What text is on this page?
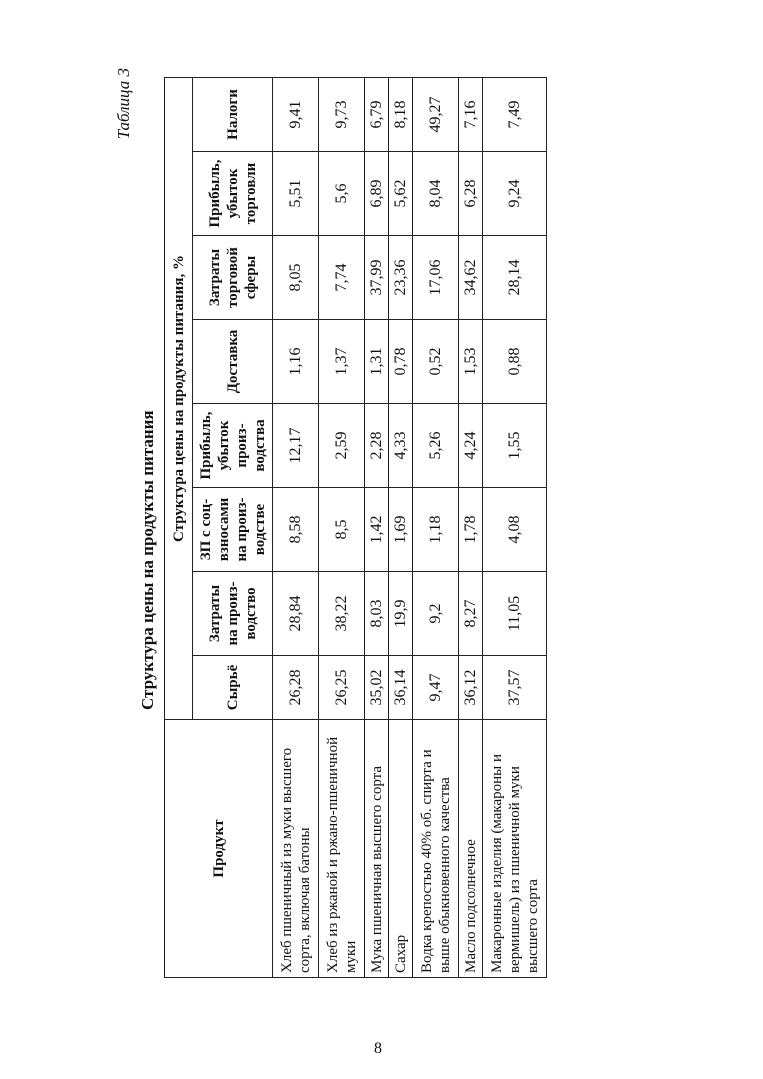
Таблица 3
Структура цены на продукты питания
Продукт	Структура цены на продукты питания, %							
	Сырьё	Затраты на произ-водство	ЗП с соц-взносами на произ-водстве	Прибыль, убыток произ-водства	Доставка	Затраты торговой сферы	Прибыль, убыток торговли	Налоги
Хлеб пшеничный из муки высшего сорта, включая батоны	26,28	28,84	8,58	12,17	1,16	8,05	5,51	9,41
Хлеб из ржаной и ржано-пшеничной муки	26,25	38,22	8,5	2,59	1,37	7,74	5,6	9,73
Мука пшеничная высшего сорта	35,02	8,03	1,42	2,28	1,31	37,99	6,89	6,79
Сахар	36,14	19,9	1,69	4,33	0,78	23,36	5,62	8,18
Водка крепостью 40% об. спирта и выше обыкновенного качества	9,47	9,2	1,18	5,26	0,52	17,06	8,04	49,27
Масло подсолнечное	36,12	8,27	1,78	4,24	1,53	34,62	6,28	7,16
Макаронные изделия (макароны и вермишель) из пшеничной муки высшего сорта	37,57	11,05	4,08	1,55	0,88	28,14	9,24	7,49
8
